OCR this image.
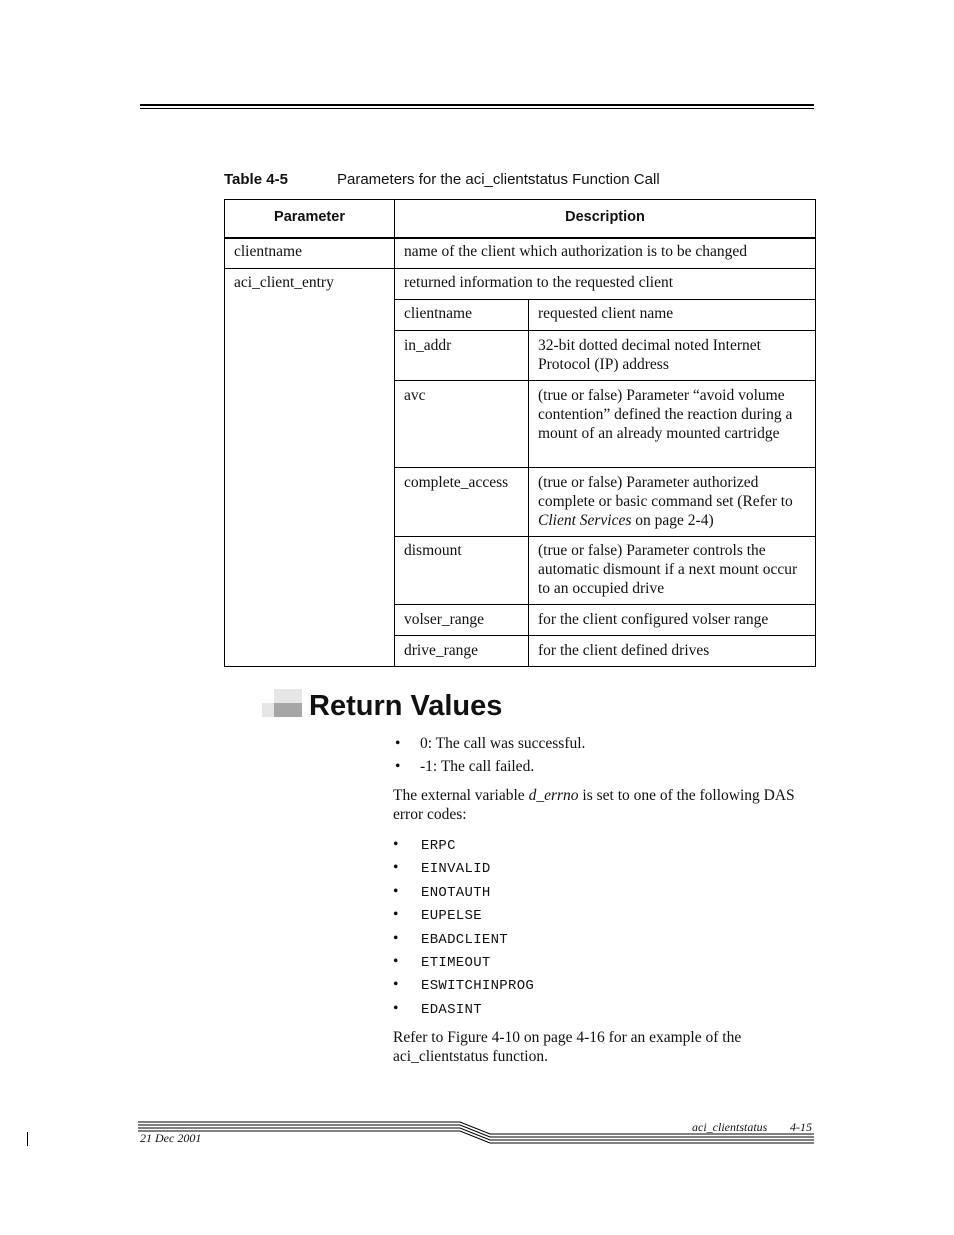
Table 4-5	Parameters for the aci_clientstatus Function Call
Parameter	Description
clientname	name of the client which authorization is to be changed
aci_client_entry	returned information to the requested client
clientname	requested client name
in_addr	32-bit dotted decimal noted Internet Protocol (IP) address
avc	(true or false) Parameter “avoid volume contention” defined the reaction during a mount of an already mounted cartridge
complete_access (true or false) Parameter authorized complete or basic command set (Refer to Client Services on page 2-4)
dismount	(true or false) Parameter controls the automatic dismount if a next mount occur to an occupied drive
volser_range	for the client configured volser range
drive_range	for the client defined drives
Return Values
• 0: The call was successful.
• -1: The call failed.
The external variable d_errno is set to one of the following DAS error codes:
• ERPC
• EINVALID
• ENOTAUTH
• EUPELSE
• EBADCLIENT
• ETIMEOUT
• ESWITCHINPROG
• EDASINT
Refer to Figure 4-10 on page 4-16 for an example of the aci_clientstatus function.
aci_clientstatus 4-15
21 Dec 2001
